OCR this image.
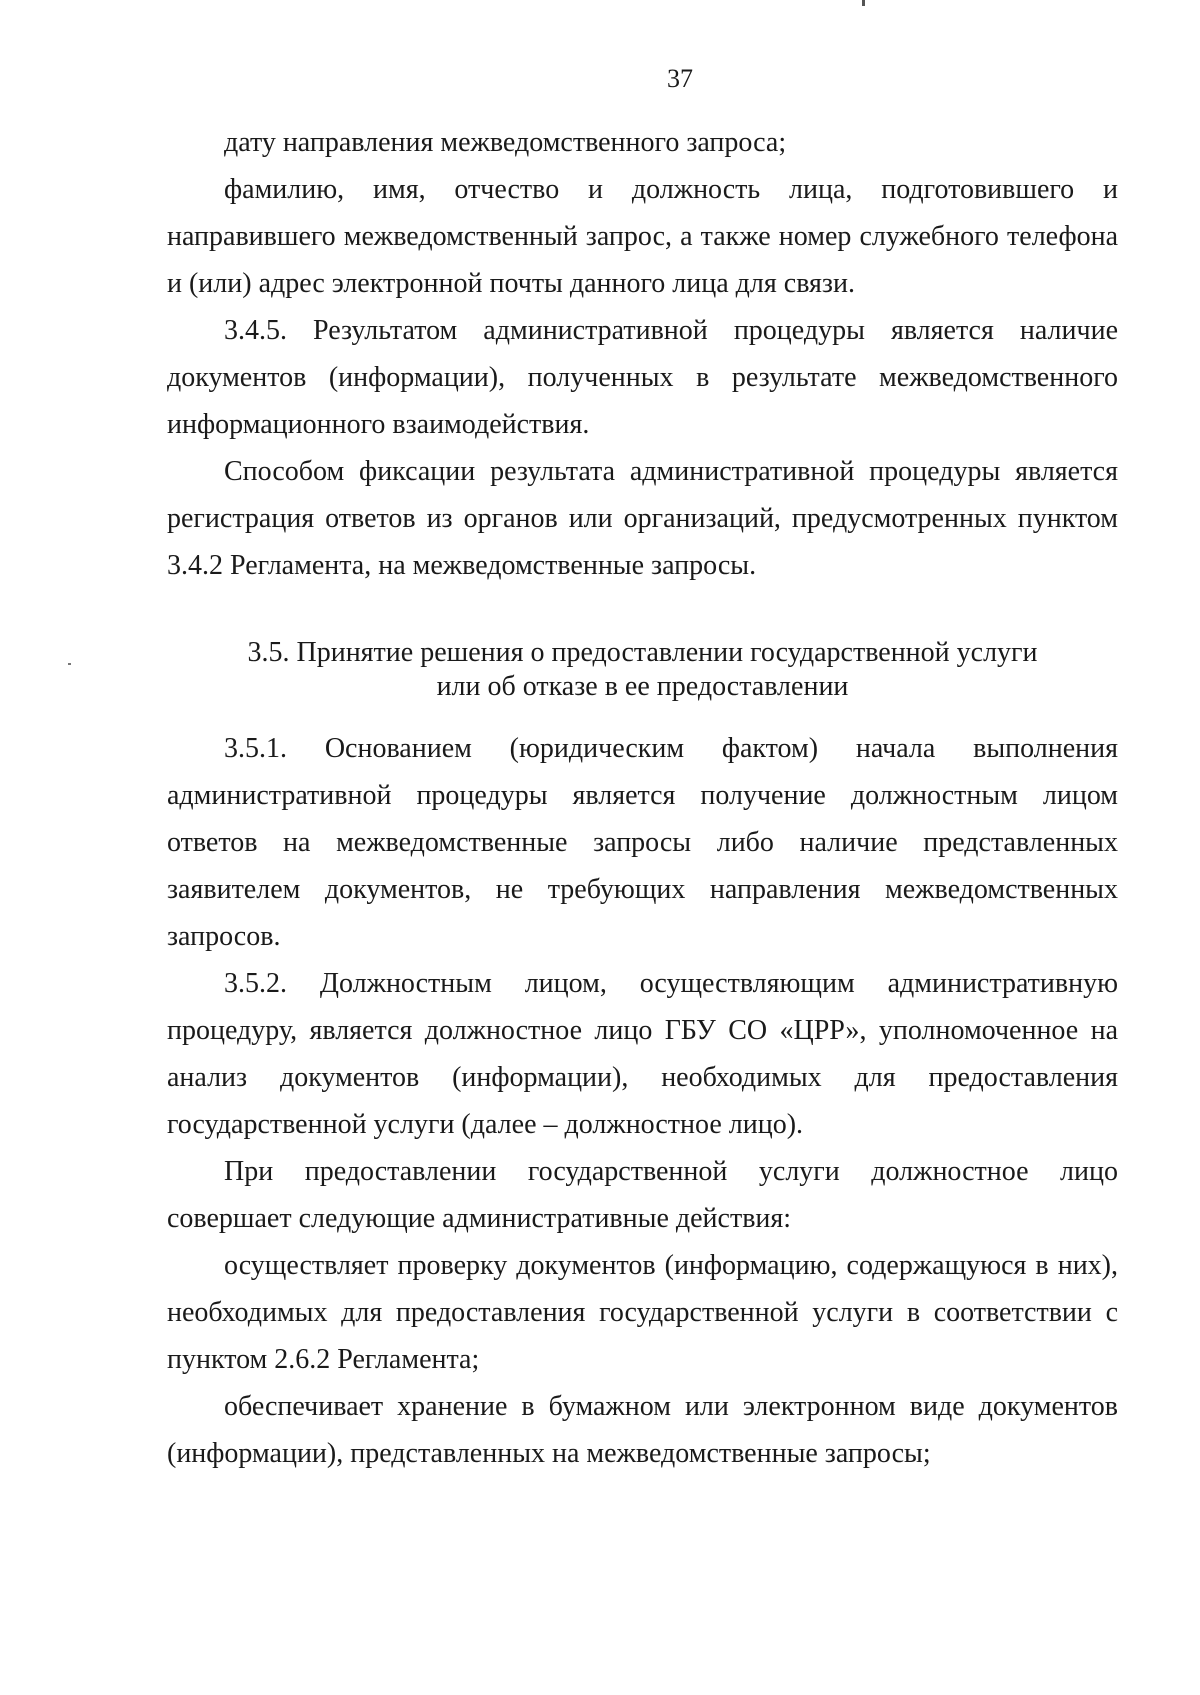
37

дату направления межведомственного запроса;

фамилию, имя, отчество и должность лица, подготовившего и направившего межведомственный запрос, а также номер служебного телефона и (или) адрес электронной почты данного лица для связи.

3.4.5. Результатом административной процедуры является наличие документов (информации), полученных в результате межведомственного информационного взаимодействия.

Способом фиксации результата административной процедуры является регистрация ответов из органов или организаций, предусмотренных пунктом 3.4.2 Регламента, на межведомственные запросы.

3.5. Принятие решения о предоставлении государственной услуги
или об отказе в ее предоставлении

3.5.1. Основанием (юридическим фактом) начала выполнения административной процедуры является получение должностным лицом ответов на межведомственные запросы либо наличие представленных заявителем документов, не требующих направления межведомственных запросов.

3.5.2. Должностным лицом, осуществляющим административную процедуру, является должностное лицо ГБУ СО «ЦРР», уполномоченное на анализ документов (информации), необходимых для предоставления государственной услуги (далее – должностное лицо).

При предоставлении государственной услуги должностное лицо совершает следующие административные действия:

осуществляет проверку документов (информацию, содержащуюся в них), необходимых для предоставления государственной услуги в соответствии с пунктом 2.6.2 Регламента;

обеспечивает хранение в бумажном или электронном виде документов (информации), представленных на межведомственные запросы;
